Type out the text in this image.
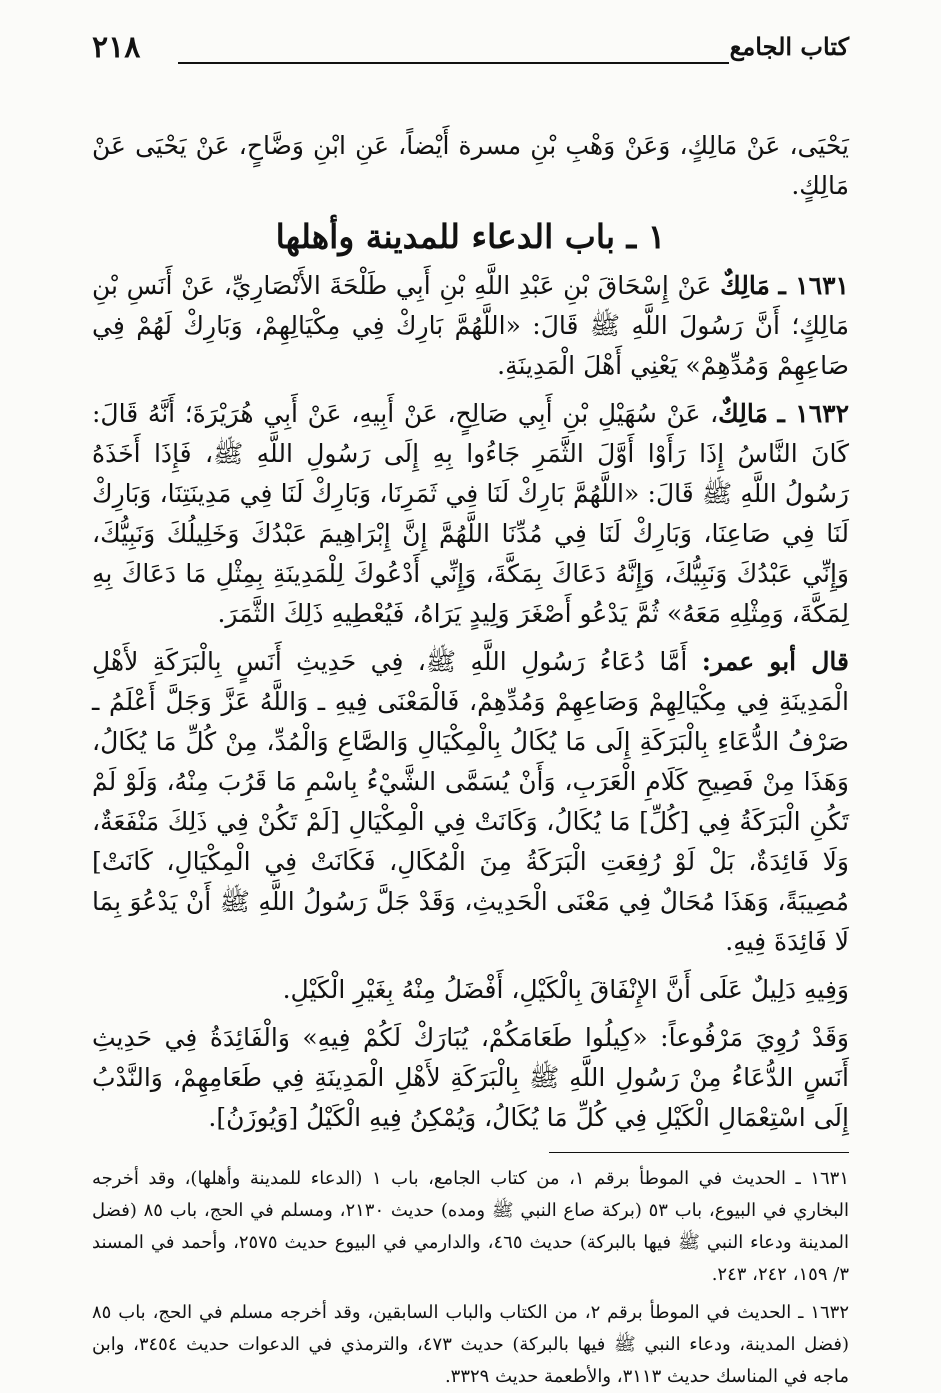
٢١٨	كتاب الجامع

يَحْيَى، عَنْ مَالِكٍ، وَعَنْ وَهْبِ بْنِ مسرة أَيْضاً، عَنِ ابْنِ وَضَّاحٍ، عَنْ يَحْيَى عَنْ مَالِكٍ.

١ ـ باب الدعاء للمدينة وأهلها

١٦٣١ ـ مَالِكٌ عَنْ إِسْحَاقَ بْنِ عَبْدِ اللَّهِ بْنِ أَبِي طَلْحَةَ الأَنْصَارِيِّ، عَنْ أَنَسِ بْنِ مَالِكٍ؛ أَنَّ رَسُولَ اللَّهِ ﷺ قَالَ: «اللَّهُمَّ بَارِكْ فِي مِكْيَالِهِمْ، وَبَارِكْ لَهُمْ فِي صَاعِهِمْ وَمُدِّهِمْ» يَعْنِي أَهْلَ الْمَدِينَةِ.

١٦٣٢ ـ مَالِكٌ، عَنْ سُهَيْلِ بْنِ أَبِي صَالِحٍ، عَنْ أَبِيهِ، عَنْ أَبِي هُرَيْرَةَ؛ أَنَّهُ قَالَ: كَانَ النَّاسُ إِذَا رَأَوْا أَوَّلَ الثَّمَرِ جَاءُوا بِهِ إِلَى رَسُولِ اللَّهِ ﷺ، فَإِذَا أَخَذَهُ رَسُولُ اللَّهِ ﷺ قَالَ: «اللَّهُمَّ بَارِكْ لَنَا فِي ثَمَرِنَا، وَبَارِكْ لَنَا فِي مَدِينَتِنَا، وَبَارِكْ لَنَا فِي صَاعِنَا، وَبَارِكْ لَنَا فِي مُدِّنَا اللَّهُمَّ إِنَّ إِبْرَاهِيمَ عَبْدُكَ وَخَلِيلُكَ وَنَبِيُّكَ، وَإِنِّي عَبْدُكَ وَنَبِيُّكَ، وَإِنَّهُ دَعَاكَ بِمَكَّةَ، وَإِنِّي أَدْعُوكَ لِلْمَدِينَةِ بِمِثْلِ مَا دَعَاكَ بِهِ لِمَكَّةَ، وَمِثْلِهِ مَعَهُ» ثُمَّ يَدْعُو أَصْغَرَ وَلِيدٍ يَرَاهُ، فَيُعْطِيهِ ذَلِكَ الثَّمَرَ.

قال أبو عمر: أَمَّا دُعَاءُ رَسُولِ اللَّهِ ﷺ، فِي حَدِيثِ أَنَسٍ بِالْبَرَكَةِ لأَهْلِ الْمَدِينَةِ فِي مِكْيَالِهِمْ وَصَاعِهِمْ وَمُدِّهِمْ، فَالْمَعْنَى فِيهِ ـ وَاللَّهُ عَزَّ وَجَلَّ أَعْلَمُ ـ صَرْفُ الدُّعَاءِ بِالْبَرَكَةِ إِلَى مَا يُكَالُ بِالْمِكْيَالِ وَالصَّاعِ وَالْمُدِّ، مِنْ كُلِّ مَا يُكَالُ، وَهَذَا مِنْ فَصِيحِ كَلَامِ الْعَرَبِ، وَأَنْ يُسَمَّى الشَّيْءُ بِاسْمِ مَا قَرُبَ مِنْهُ، وَلَوْ لَمْ تَكُنِ الْبَرَكَةُ فِي [كُلِّ] مَا يُكَالُ، وَكَانَتْ فِي الْمِكْيَالِ [لَمْ تَكُنْ فِي ذَلِكَ مَنْفَعَةٌ، وَلَا فَائِدَةٌ، بَلْ لَوْ رُفِعَتِ الْبَرَكَةُ مِنَ الْمُكَالِ، فَكَانَتْ فِي الْمِكْيَالِ، كَانَتْ] مُصِيبَةً، وَهَذَا مُحَالٌ فِي مَعْنَى الْحَدِيثِ، وَقَدْ جَلَّ رَسُولُ اللَّهِ ﷺ أَنْ يَدْعُوَ بِمَا لَا فَائِدَةَ فِيهِ.

وَفِيهِ دَلِيلٌ عَلَى أَنَّ الإِنْفَاقَ بِالْكَيْلِ، أَفْضَلُ مِنْهُ بِغَيْرِ الْكَيْلِ.

وَقَدْ رُوِيَ مَرْفُوعاً: «كِيلُوا طَعَامَكُمْ، يُبَارَكْ لَكُمْ فِيهِ» وَالْفَائِدَةُ فِي حَدِيثِ أَنَسٍ الدُّعَاءُ مِنْ رَسُولِ اللَّهِ ﷺ بِالْبَرَكَةِ لأَهْلِ الْمَدِينَةِ فِي طَعَامِهِمْ، وَالنَّدْبُ إِلَى اسْتِعْمَالِ الْكَيْلِ فِي كُلِّ مَا يُكَالُ، وَيُمْكِنُ فِيهِ الْكَيْلُ [وَيُوزَنُ].

١٦٣١ ـ الحديث في الموطأ برقم ١، من كتاب الجامع، باب ١ (الدعاء للمدينة وأهلها)، وقد أخرجه البخاري في البيوع، باب ٥٣ (بركة صاع النبي ﷺ ومده) حديث ٢١٣٠، ومسلم في الحج، باب ٨٥ (فضل المدينة ودعاء النبي ﷺ فيها بالبركة) حديث ٤٦٥، والدارمي في البيوع حديث ٢٥٧٥، وأحمد في المسند ٣/ ١٥٩، ٢٤٢، ٢٤٣.

١٦٣٢ ـ الحديث في الموطأ برقم ٢، من الكتاب والباب السابقين، وقد أخرجه مسلم في الحج، باب ٨٥ (فضل المدينة، ودعاء النبي ﷺ فيها بالبركة) حديث ٤٧٣، والترمذي في الدعوات حديث ٣٤٥٤، وابن ماجه في المناسك حديث ٣١١٣، والأطعمة حديث ٣٣٢٩.
